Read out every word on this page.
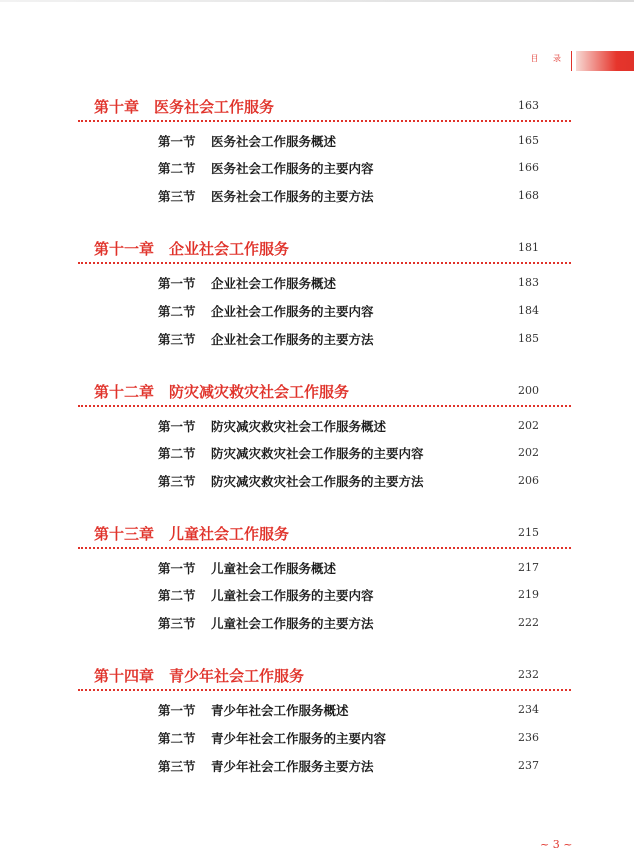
目 录
第十章　医务社会工作服务	163
第一节 医务社会工作服务概述	165
第二节 医务社会工作服务的主要内容	166
第三节 医务社会工作服务的主要方法	168
第十一章　企业社会工作服务	181
第一节 企业社会工作服务概述	183
第二节 企业社会工作服务的主要内容	184
第三节 企业社会工作服务的主要方法	185
第十二章　防灾减灾救灾社会工作服务	200
第一节 防灾减灾救灾社会工作服务概述	202
第二节 防灾减灾救灾社会工作服务的主要内容	202
第三节 防灾减灾救灾社会工作服务的主要方法	206
第十三章　儿童社会工作服务	215
第一节 儿童社会工作服务概述	217
第二节 儿童社会工作服务的主要内容	219
第三节 儿童社会工作服务的主要方法	222
第十四章　青少年社会工作服务	232
第一节 青少年社会工作服务概述	234
第二节 青少年社会工作服务的主要内容	236
第三节 青少年社会工作服务主要方法	237
~ 3 ~
